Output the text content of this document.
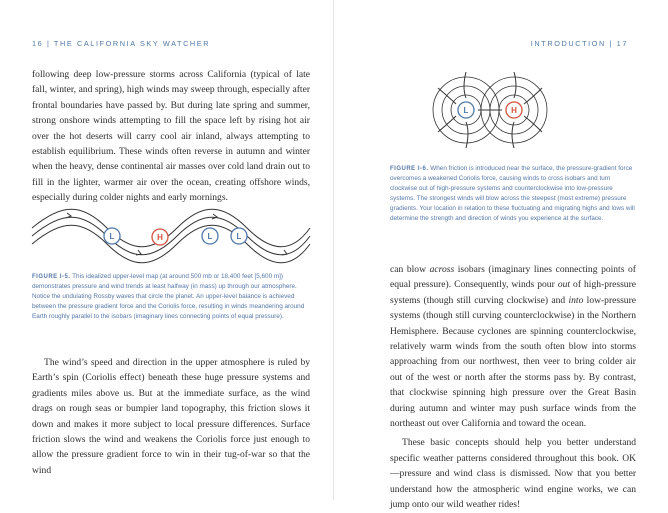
16 | THE CALIFORNIA SKY WATCHER

following deep low-pressure storms across California (typical of late fall, winter, and spring), high winds may sweep through, especially after frontal boundaries have passed by. But during late spring and summer, strong onshore winds attempting to fill the space left by rising hot air over the hot deserts will carry cool air inland, always attempting to establish equilibrium. These winds often reverse in autumn and winter when the heavy, dense continental air masses over cold land drain out to fill in the lighter, warmer air over the ocean, creating offshore winds, especially during colder nights and early mornings.

L	H	L	L
FIGURE I-5. This idealized upper-level map (at around 500 mb or 18,400 feet [5,600 m]) demonstrates pressure and wind trends at least halfway (in mass) up through our atmosphere. Notice the undulating Rossby waves that circle the planet. An upper-level balance is achieved between the pressure gradient force and the Coriolis force, resulting in winds meandering around Earth roughly parallel to the isobars (imaginary lines connecting points of equal pressure).

The wind’s speed and direction in the upper atmosphere is ruled by Earth’s spin (Coriolis effect) beneath these huge pressure systems and gradients miles above us. But at the immediate surface, as the wind drags on rough seas or bumpier land topography, this friction slows it down and makes it more subject to local pressure differences. Surface friction slows the wind and weakens the Coriolis force just enough to allow the pressure gradient force to win in their tug-of-war so that the wind

INTRODUCTION | 17
L	H
FIGURE I-6. When friction is introduced near the surface, the pressure-gradient force overcomes a weakened Coriolis force, causing winds to cross isobars and turn clockwise out of high-pressure systems and counterclockwise into low-pressure systems. The strongest winds will blow across the steepest (most extreme) pressure gradients. Your location in relation to these fluctuating and migrating highs and lows will determine the strength and direction of winds you experience at the surface.

can blow across isobars (imaginary lines connecting points of equal pressure). Consequently, winds pour out of high-pressure systems (though still curving clockwise) and into low-pressure systems (though still curving counterclockwise) in the Northern Hemisphere. Because cyclones are spinning counterclockwise, relatively warm winds from the south often blow into storms approaching from our northwest, then veer to bring colder air out of the west or north after the storms pass by. By contrast, that clockwise spinning high pressure over the Great Basin during autumn and winter may push surface winds from the northeast out over California and toward the ocean.

These basic concepts should help you better understand specific weather patterns considered throughout this book. OK—pressure and wind class is dismissed. Now that you better understand how the atmospheric wind engine works, we can jump onto our wild weather rides!
